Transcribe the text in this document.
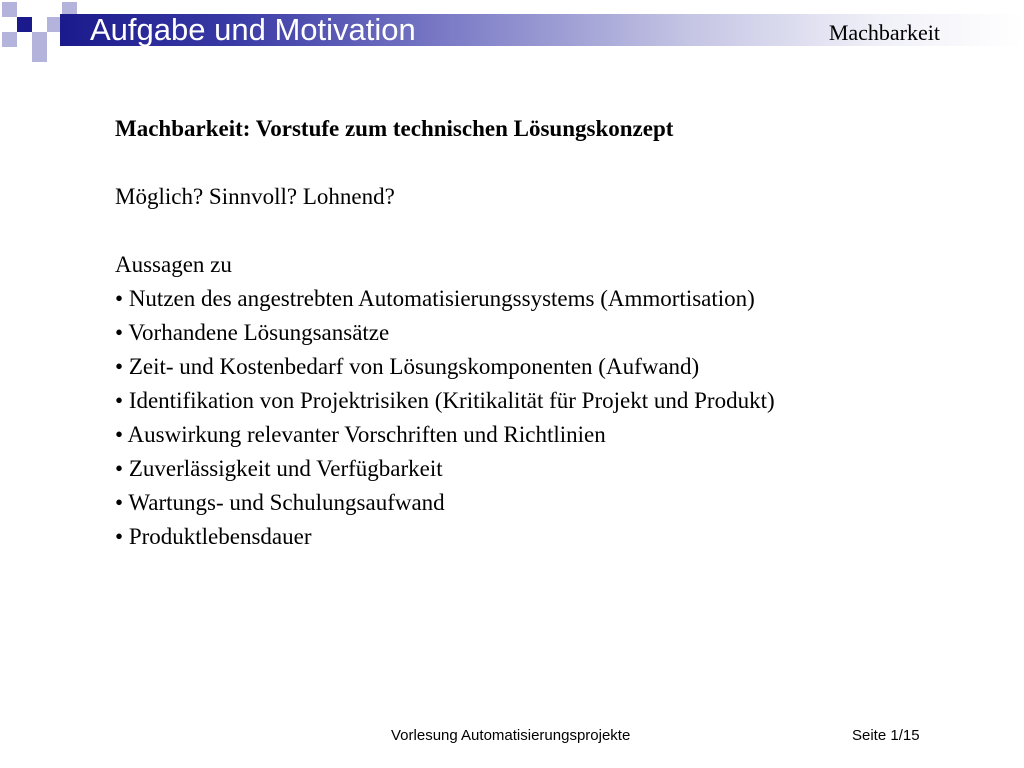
Aufgabe und Motivation	Machbarkeit

Machbarkeit: Vorstufe zum technischen Lösungskonzept

Möglich? Sinnvoll? Lohnend?

Aussagen zu

• Nutzen des angestrebten Automatisierungssystems (Ammortisation)
• Vorhandene Lösungsansätze
• Zeit- und Kostenbedarf von Lösungskomponenten (Aufwand)
• Identifikation von Projektrisiken (Kritikalität für Projekt und Produkt)
• Auswirkung relevanter Vorschriften und Richtlinien
• Zuverlässigkeit und Verfügbarkeit
• Wartungs- und Schulungsaufwand
• Produktlebensdauer
Vorlesung Automatisierungsprojekte	Seite 1/15
